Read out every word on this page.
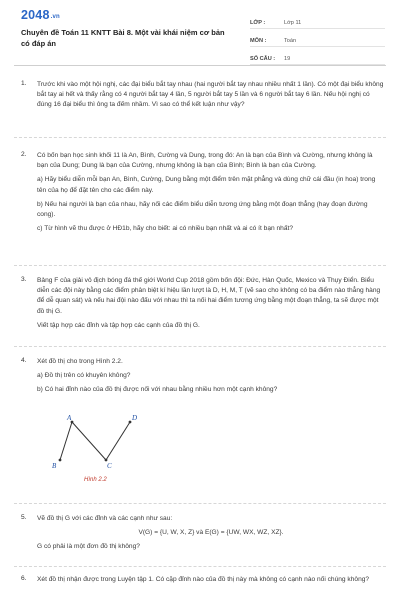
2048.vn
Chuyên đề Toán 11 KNTT Bài 8. Một vài khái niệm cơ bản có đáp án
LỚP :	Lớp 11
MÔN :	Toán
SỐ CÂU :	19
1. Trước khi vào một hội nghị, các đại biểu bắt tay nhau (hai người bắt tay nhau nhiều nhất 1 lần). Có một đại biểu không bắt tay ai hết và thấy rằng có 4 người bắt tay 4 lần, 5 người bắt tay 5 lần và 6 người bắt tay 6 lần. Nếu hội nghị có đúng 16 đại biểu thì ông ta đếm nhầm. Vì sao có thể kết luận như vậy?

2. Có bốn bạn học sinh khối 11 là An, Bình, Cường và Dung, trong đó: An là bạn của Bình và Cường, nhưng không là bạn của Dung; Dung là bạn của Cường, nhưng không là bạn của Bình; Bình là bạn của Cường.

a) Hãy biểu diễn mỗi bạn An, Bình, Cường, Dung bằng một điểm trên mặt phẳng và dùng chữ cái đầu (in hoa) trong tên của họ để đặt tên cho các điểm này.

b) Nếu hai người là bạn của nhau, hãy nối các điểm biểu diễn tương ứng bằng một đoạn thẳng (hay đoạn đường cong).

c) Từ hình vẽ thu được ở HĐ1b, hãy cho biết: ai có nhiều bạn nhất và ai có ít bạn nhất?

3. Bảng F của giải vô địch bóng đá thế giới World Cup 2018 gồm bốn đội: Đức, Hàn Quốc, Mexico và Thụy Điển. Biểu diễn các đội này bằng các điểm phân biệt kí hiệu lần lượt là D, H, M, T (vẽ sao cho không có ba điểm nào thẳng hàng để dễ quan sát) và nếu hai đội nào đấu với nhau thì ta nối hai điểm tương ứng bằng một đoạn thẳng, ta sẽ được một đồ thị G.

Viết tập hợp các đỉnh và tập hợp các cạnh của đồ thị G.

4. Xét đồ thị cho trong Hình 2.2.

a) Đồ thị trên có khuyên không?

b) Có hai đỉnh nào của đồ thị được nối với nhau bằng nhiều hơn một cạnh không?

A	D
B	C
Hình 2.2
5. Vẽ đồ thị G với các đỉnh và các cạnh như sau:

V(G) = {U, W, X, Z} và E(G) = {UW, WX, WZ, XZ}.

G có phải là một đơn đồ thị không?

6. Xét đồ thị nhận được trong Luyện tập 1. Có cặp đỉnh nào của đồ thị này mà không có cạnh nào nối chúng không?
